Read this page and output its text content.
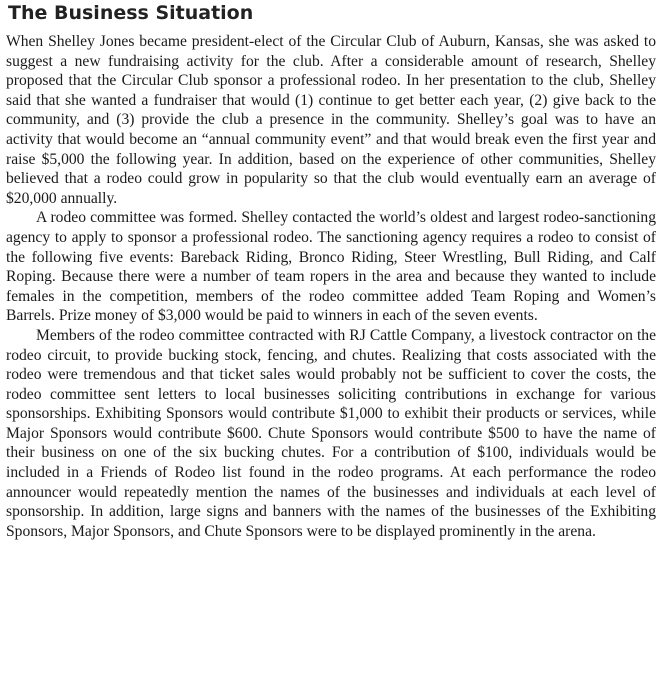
The Business Situation

When Shelley Jones became president-elect of the Circular Club of Auburn, Kansas, she was asked to suggest a new fundraising activity for the club. After a considerable amount of research, Shelley proposed that the Circular Club sponsor a professional rodeo. In her presentation to the club, Shelley said that she wanted a fundraiser that would (1) continue to get better each year, (2) give back to the community, and (3) provide the club a presence in the community. Shelley’s goal was to have an activity that would become an “annual community event” and that would break even the first year and raise $5,000 the following year. In addition, based on the experience of other communities, Shelley believed that a rodeo could grow in popularity so that the club would eventually earn an average of $20,000 annually.

A rodeo committee was formed. Shelley contacted the world’s oldest and largest rodeo-sanctioning agency to apply to sponsor a professional rodeo. The sanctioning agency requires a rodeo to consist of the following five events: Bareback Riding, Bronco Riding, Steer Wrestling, Bull Riding, and Calf Roping. Because there were a number of team ropers in the area and because they wanted to include females in the competition, members of the rodeo committee added Team Roping and Women’s Barrels. Prize money of $3,000 would be paid to winners in each of the seven events.

Members of the rodeo committee contracted with RJ Cattle Company, a livestock contractor on the rodeo circuit, to provide bucking stock, fencing, and chutes. Realizing that costs associated with the rodeo were tremendous and that ticket sales would probably not be sufficient to cover the costs, the rodeo committee sent letters to local businesses soliciting contributions in exchange for various sponsorships. Exhibiting Sponsors would contribute $1,000 to exhibit their products or services, while Major Sponsors would contribute $600. Chute Sponsors would contribute $500 to have the name of their business on one of the six bucking chutes. For a contribution of $100, individuals would be included in a Friends of Rodeo list found in the rodeo programs. At each performance the rodeo announcer would repeatedly mention the names of the businesses and individuals at each level of sponsorship. In addition, large signs and banners with the names of the businesses of the Exhibiting Sponsors, Major Sponsors, and Chute Sponsors were to be displayed prominently in the arena.
